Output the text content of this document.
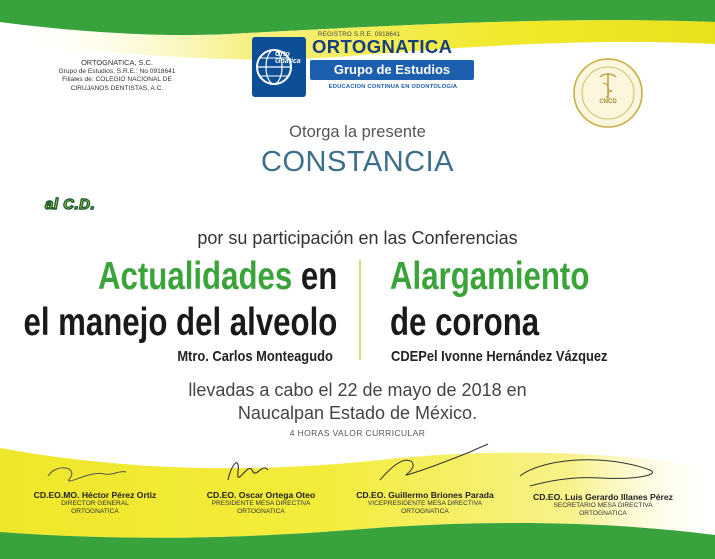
ORTOGNATICA, S.C.
Grupo de Estudios. S.R.E.: No 0918641
Filiales de: COLEGIO NACIONAL DE
CIRUJANOS DENTISTAS, A.C.
REGISTRO S.R.E. 0918641
Orto Gnatica
ORTOGNATICA
Grupo de Estudios
EDUCACION CONTINUA EN ODONTOLOGIA
CNCD
Otorga la presente
CONSTANCIA
al C.D.
por su participación en las Conferencias
Actualidades en
el manejo del alveolo
Alargamiento
de corona
Mtro. Carlos Monteagudo	CDEPel Ivonne Hernández Vázquez
llevadas a cabo el 22 de mayo de 2018 en
Naucalpan Estado de México.
4 HORAS VALOR CURRICULAR
CD.EO.MO. Héctor Pérez Ortiz
DIRECTOR GENERAL
ORTOGNATICA
CD.EO. Oscar Ortega Oteo
PRESIDENTE MESA DIRECTIVA
ORTOGNATICA
CD.EO. Guillermo Briones Parada
VICEPRESIDENTE MESA DIRECTIVA
ORTOGNATICA
CD.EO. Luis Gerardo Illanes Pérez
SECRETARIO MESA DIRECTIVA
ORTOGNATICA
